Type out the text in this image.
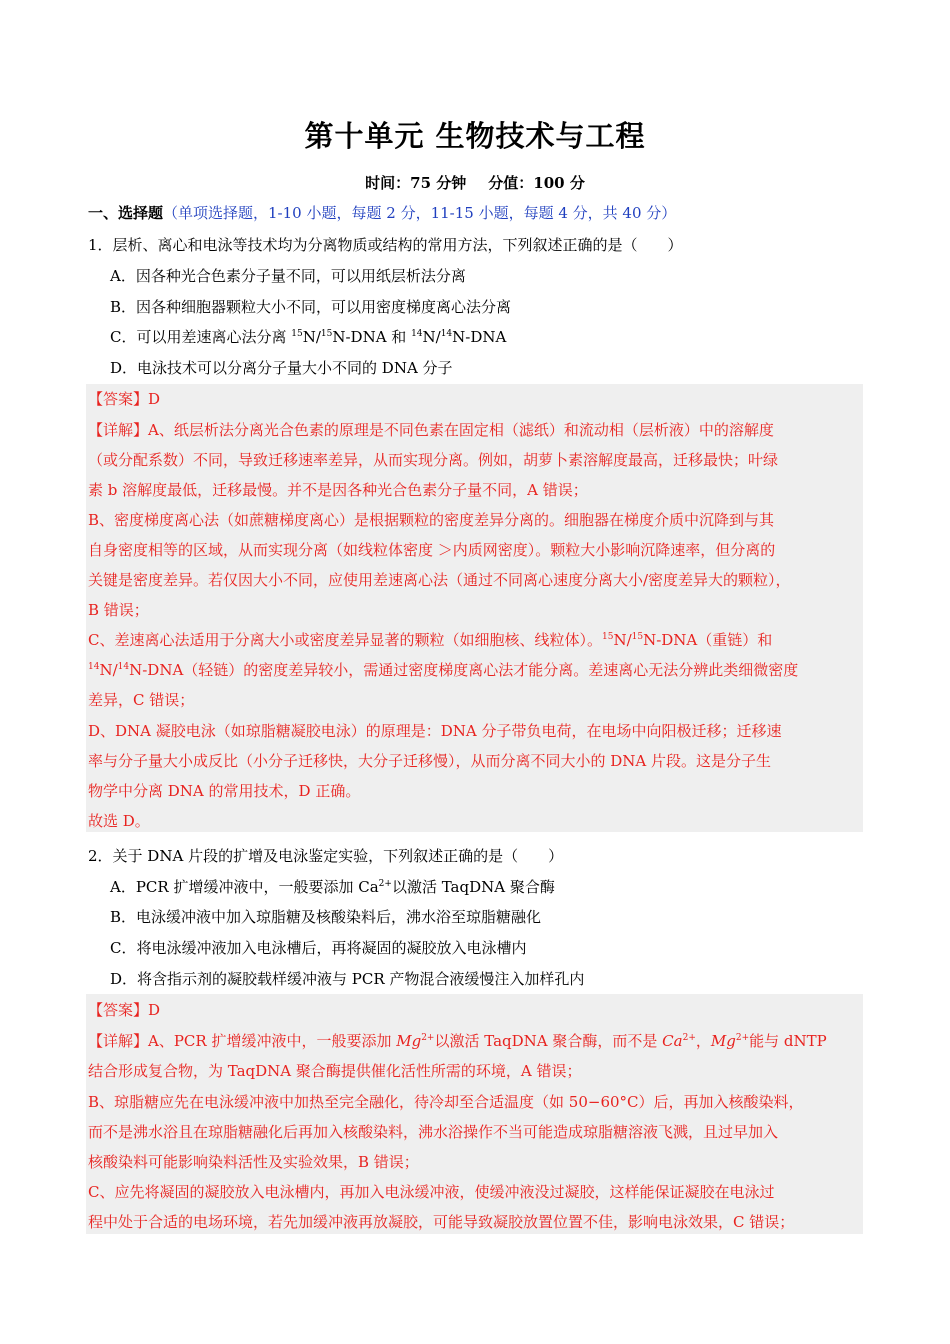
第十单元 生物技术与工程
时间：75 分钟 分值：100 分
一、选择题（单项选择题，1-10 小题，每题 2 分，11-15 小题，每题 4 分，共 40 分）
1．层析、离心和电泳等技术均为分离物质或结构的常用方法，下列叙述正确的是（　　）
A．因各种光合色素分子量不同，可以用纸层析法分离
B．因各种细胞器颗粒大小不同，可以用密度梯度离心法分离
C．可以用差速离心法分离 $^{15}$N/$^{15}$N-DNA 和 $^{14}$N/$^{14}$N-DNA
D．电泳技术可以分离分子量大小不同的 DNA 分子
【答案】D
【详解】A、纸层析法分离光合色素的原理是不同色素在固定相（滤纸）和流动相（层析液）中的溶解度
（或分配系数）不同，导致迁移速率差异，从而实现分离。例如，胡萝卜素溶解度最高，迁移最快；叶绿
素 b 溶解度最低，迁移最慢。并不是因各种光合色素分子量不同，A 错误；
B、密度梯度离心法（如蔗糖梯度离心）是根据颗粒的密度差异分离的。细胞器在梯度介质中沉降到与其
自身密度相等的区域，从而实现分离（如线粒体密度 ＞内质网密度）。颗粒大小影响沉降速率，但分离的
关键是密度差异。若仅因大小不同，应使用差速离心法（通过不同离心速度分离大小/密度差异大的颗粒），
B 错误；
C、差速离心法适用于分离大小或密度差异显著的颗粒（如细胞核、线粒体）。$^{15}$N/$^{15}$N-DNA（重链）和
$^{14}$N/$^{14}$N-DNA（轻链）的密度差异较小，需通过密度梯度离心法才能分离。差速离心无法分辨此类细微密度
差异，C 错误；
D、DNA 凝胶电泳（如琼脂糖凝胶电泳）的原理是：DNA 分子带负电荷，在电场中向阳极迁移；迁移速
率与分子量大小成反比（小分子迁移快，大分子迁移慢），从而分离不同大小的 DNA 片段。这是分子生
物学中分离 DNA 的常用技术，D 正确。
故选 D。
2．关于 DNA 片段的扩增及电泳鉴定实验，下列叙述正确的是（　　）
A．PCR 扩增缓冲液中，一般要添加 $Ca^{2+}$以激活 TaqDNA 聚合酶
B．电泳缓冲液中加入琼脂糖及核酸染料后，沸水浴至琼脂糖融化
C．将电泳缓冲液加入电泳槽后，再将凝固的凝胶放入电泳槽内
D．将含指示剂的凝胶载样缓冲液与 PCR 产物混合液缓慢注入加样孔内
【答案】D
【详解】A、PCR 扩增缓冲液中，一般要添加 $Mg^{2+}$以激活 TaqDNA 聚合酶，而不是 $Ca^{2+}$，$Mg^{2+}$能与 dNTP
结合形成复合物，为 TaqDNA 聚合酶提供催化活性所需的环境，A 错误；
B、琼脂糖应先在电泳缓冲液中加热至完全融化，待冷却至合适温度（如 50−60°C）后，再加入核酸染料，
而不是沸水浴且在琼脂糖融化后再加入核酸染料，沸水浴操作不当可能造成琼脂糖溶液飞溅，且过早加入
核酸染料可能影响染料活性及实验效果，B 错误；
C、应先将凝固的凝胶放入电泳槽内，再加入电泳缓冲液，使缓冲液没过凝胶，这样能保证凝胶在电泳过
程中处于合适的电场环境，若先加缓冲液再放凝胶，可能导致凝胶放置位置不佳，影响电泳效果，C 错误；
